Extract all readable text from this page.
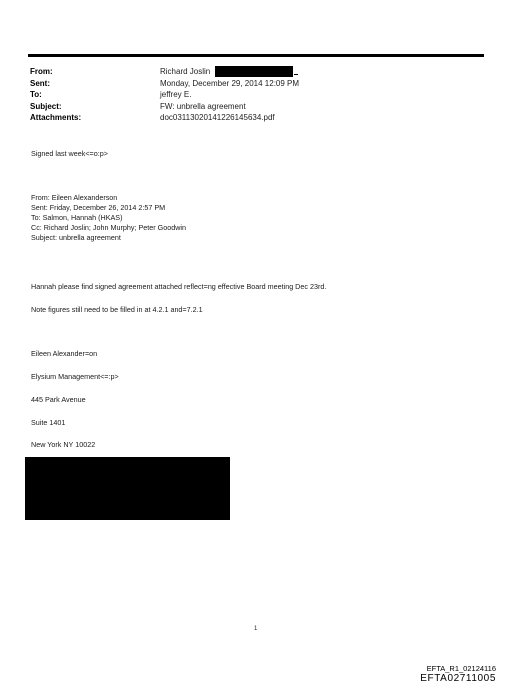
From:	Richard Joslin
Sent:	Monday, December 29, 2014 12:09 PM
To:	jeffrey E.
Subject:	FW: unbrella agreement
Attachments:	doc03113020141226145634.pdf
Signed last week<=o:p>
From: Eileen Alexanderson
Sent: Friday, December 26, 2014 2:57 PM
To: Salmon, Hannah (HKAS)
Cc: Richard Joslin; John Murphy; Peter Goodwin
Subject: unbrella agreement
Hannah please find signed agreement attached reflect=ng effective Board meeting Dec 23rd.
Note figures still need to be filled in at 4.2.1 and=7.2.1
Eileen Alexander=on
Elysium Management<=:p>
445 Park Avenue
Suite 1401
New York NY 10022
1
EFTA_R1_02124116
EFTA02711005
